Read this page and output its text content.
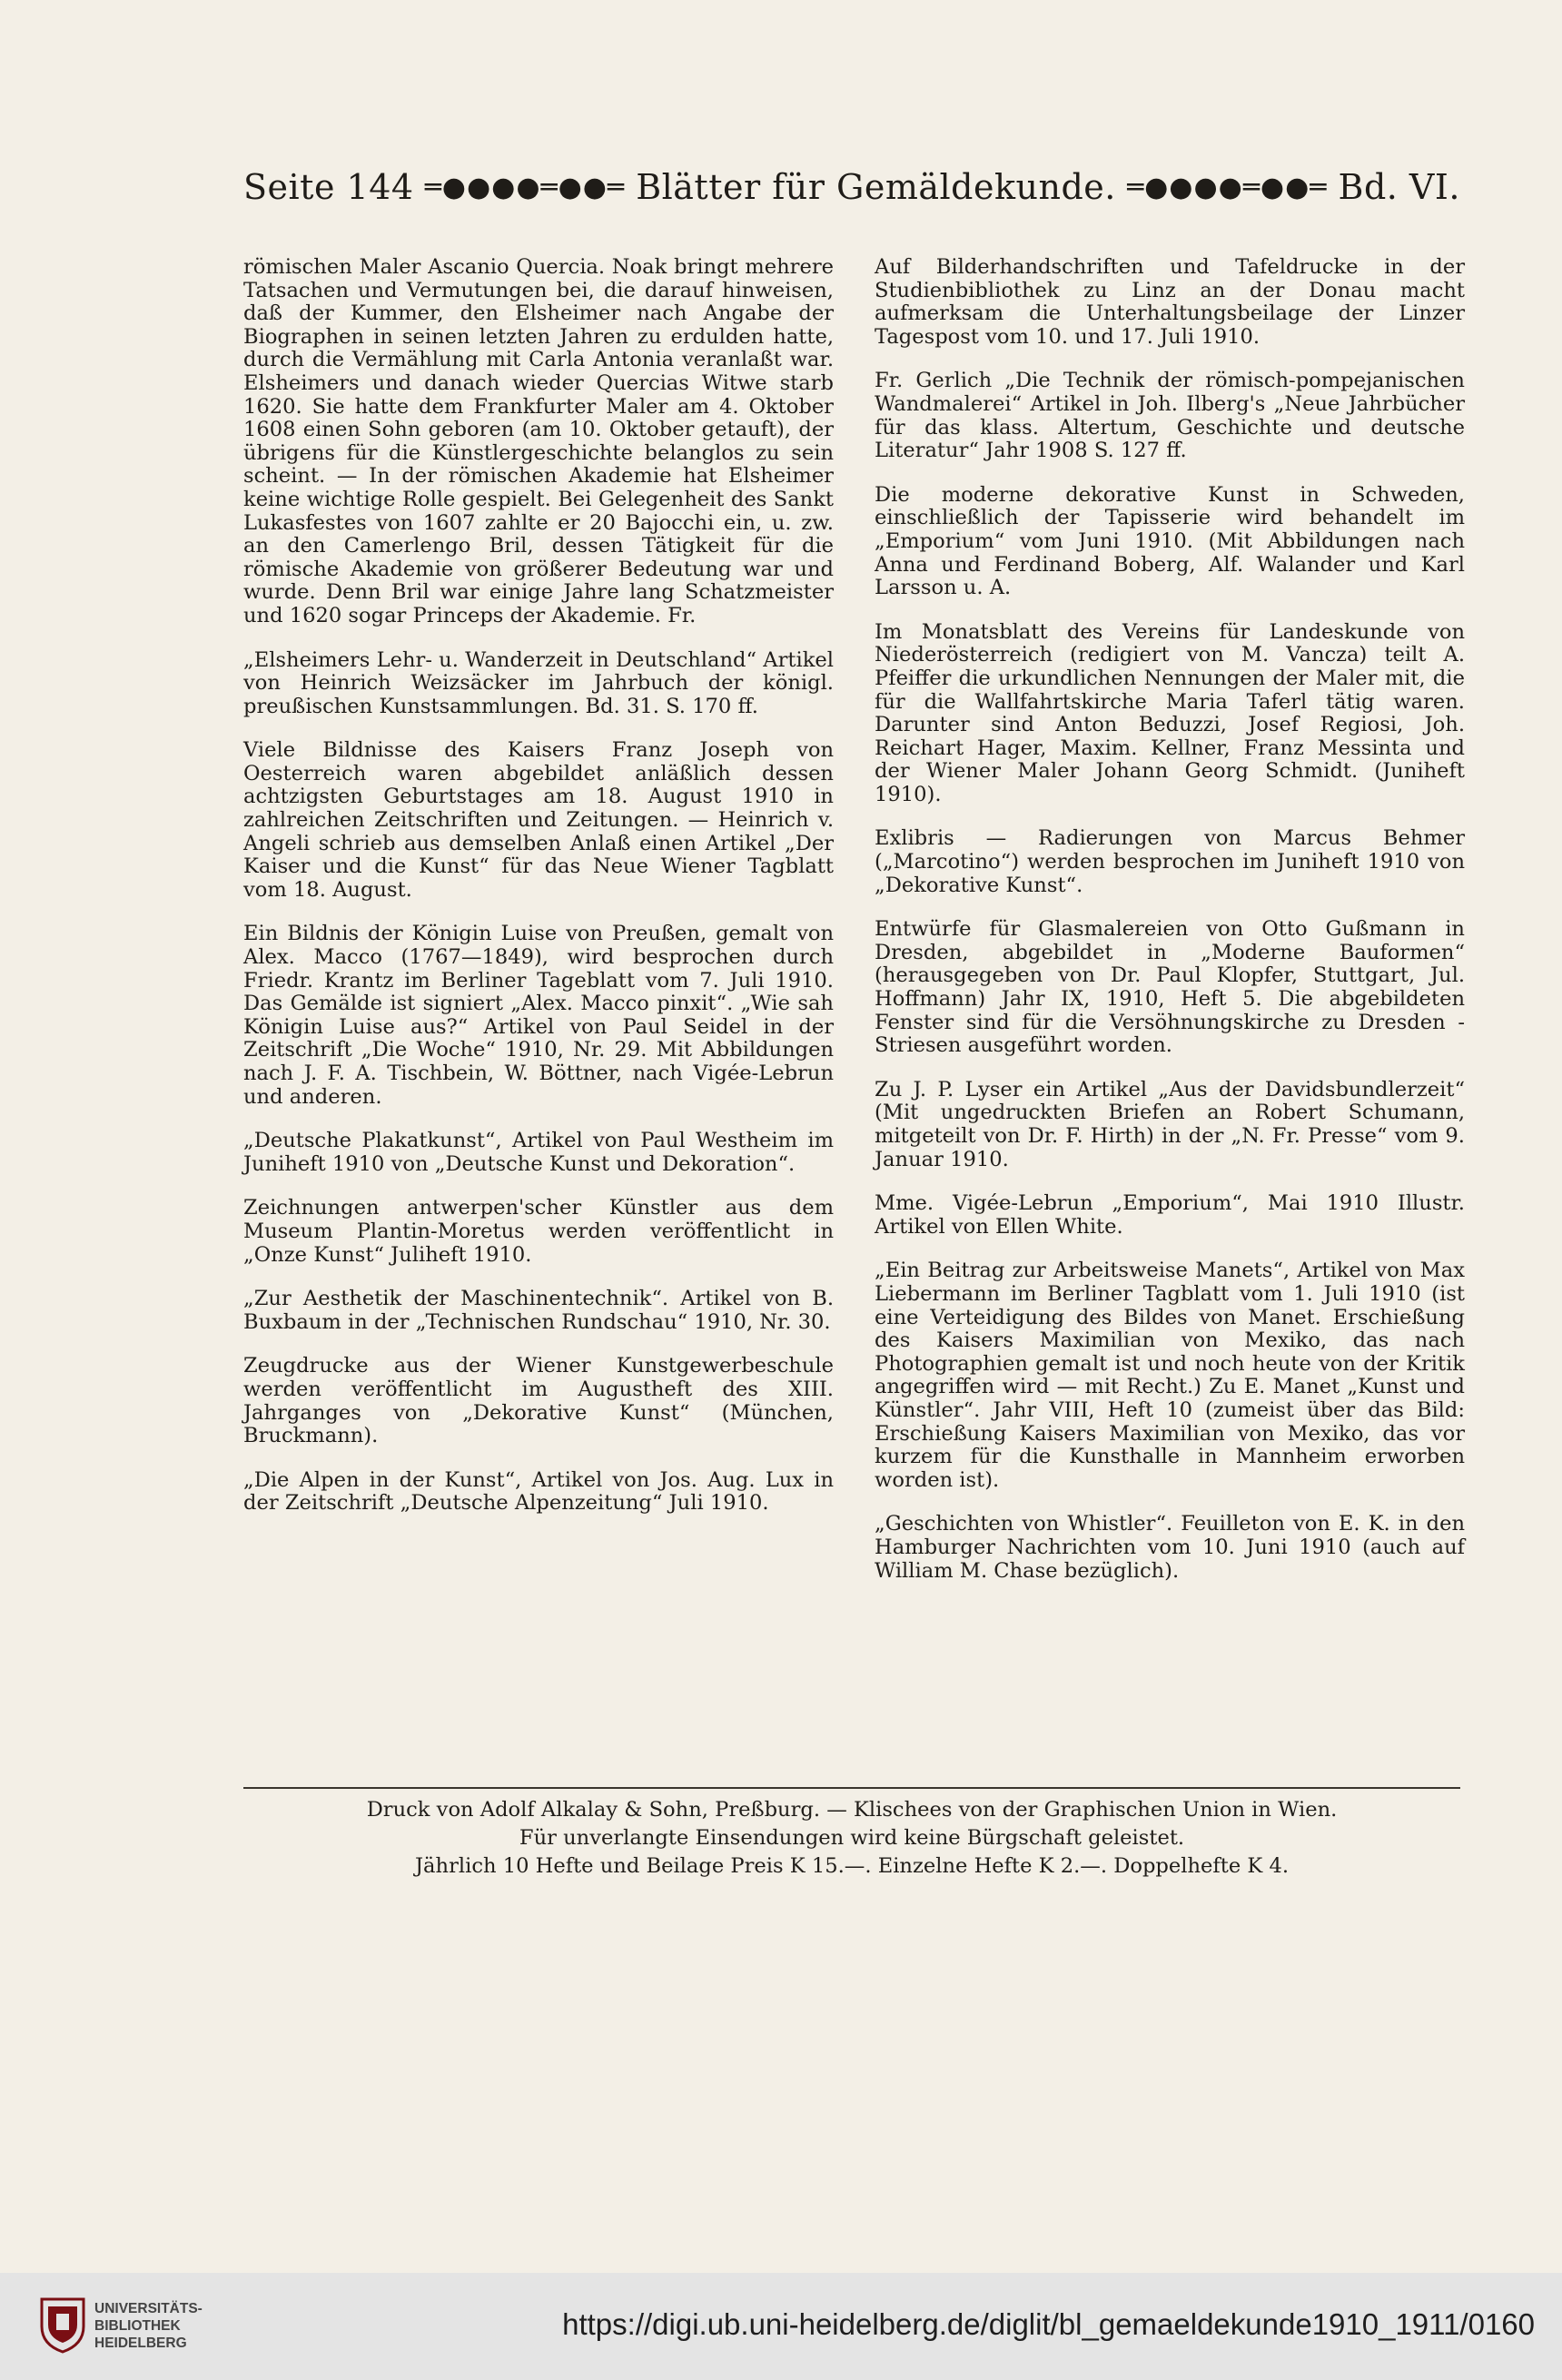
Seite 144 ═●●●●═●●═ Blätter für Gemäldekunde. ═●●●●═●●═ Bd. VI.

römischen Maler Ascanio Quercia. Noak bringt mehrere Tatsachen und Vermutungen bei, die darauf hinweisen, daß der Kummer, den Elsheimer nach Angabe der Biographen in seinen letzten Jahren zu erdulden hatte, durch die Vermählung mit Carla Antonia veranlaßt war. Elsheimers und danach wieder Quercias Witwe starb 1620. Sie hatte dem Frankfurter Maler am 4. Oktober 1608 einen Sohn geboren (am 10. Oktober getauft), der übrigens für die Künstlergeschichte belanglos zu sein scheint. — In der römischen Akademie hat Elsheimer keine wichtige Rolle gespielt. Bei Gelegenheit des Sankt Lukasfestes von 1607 zahlte er 20 Bajocchi ein, u. zw. an den Camerlengo Bril, dessen Tätigkeit für die römische Akademie von größerer Bedeutung war und wurde. Denn Bril war einige Jahre lang Schatzmeister und 1620 sogar Princeps der Akademie. Fr.

„Elsheimers Lehr- u. Wanderzeit in Deutschland“ Artikel von Heinrich Weizsäcker im Jahrbuch der königl. preußischen Kunstsammlungen. Bd. 31. S. 170 ff.

Viele Bildnisse des Kaisers Franz Joseph von Oesterreich waren abgebildet anläßlich dessen achtzigsten Geburtstages am 18. August 1910 in zahlreichen Zeitschriften und Zeitungen. — Heinrich v. Angeli schrieb aus demselben Anlaß einen Artikel „Der Kaiser und die Kunst“ für das Neue Wiener Tagblatt vom 18. August.

Ein Bildnis der Königin Luise von Preußen, gemalt von Alex. Macco (1767—1849), wird besprochen durch Friedr. Krantz im Berliner Tageblatt vom 7. Juli 1910. Das Gemälde ist signiert „Alex. Macco pinxit“. „Wie sah Königin Luise aus?“ Artikel von Paul Seidel in der Zeitschrift „Die Woche“ 1910, Nr. 29. Mit Abbildungen nach J. F. A. Tischbein, W. Böttner, nach Vigée-Lebrun und anderen.

„Deutsche Plakatkunst“, Artikel von Paul Westheim im Juniheft 1910 von „Deutsche Kunst und Dekoration“.

Zeichnungen antwerpen'scher Künstler aus dem Museum Plantin-Moretus werden veröffentlicht in „Onze Kunst“ Juliheft 1910.

„Zur Aesthetik der Maschinentechnik“. Artikel von B. Buxbaum in der „Technischen Rundschau“ 1910, Nr. 30.

Zeugdrucke aus der Wiener Kunstgewerbeschule werden veröffentlicht im Augustheft des XIII. Jahrganges von „Dekorative Kunst“ (München, Bruckmann).

„Die Alpen in der Kunst“, Artikel von Jos. Aug. Lux in der Zeitschrift „Deutsche Alpenzeitung“ Juli 1910.

Auf Bilderhandschriften und Tafeldrucke in der Studienbibliothek zu Linz an der Donau macht aufmerksam die Unterhaltungsbeilage der Linzer Tagespost vom 10. und 17. Juli 1910.

Fr. Gerlich „Die Technik der römisch-pompejanischen Wandmalerei“ Artikel in Joh. Ilberg's „Neue Jahrbücher für das klass. Altertum, Geschichte und deutsche Literatur“ Jahr 1908 S. 127 ff.

Die moderne dekorative Kunst in Schweden, einschließlich der Tapisserie wird behandelt im „Emporium“ vom Juni 1910. (Mit Abbildungen nach Anna und Ferdinand Boberg, Alf. Walander und Karl Larsson u. A.

Im Monatsblatt des Vereins für Landeskunde von Niederösterreich (redigiert von M. Vancza) teilt A. Pfeiffer die urkundlichen Nennungen der Maler mit, die für die Wallfahrtskirche Maria Taferl tätig waren. Darunter sind Anton Beduzzi, Josef Regiosi, Joh. Reichart Hager, Maxim. Kellner, Franz Messinta und der Wiener Maler Johann Georg Schmidt. (Juniheft 1910).

Exlibris — Radierungen von Marcus Behmer („Marcotino“) werden besprochen im Juniheft 1910 von „Dekorative Kunst“.

Entwürfe für Glasmalereien von Otto Gußmann in Dresden, abgebildet in „Moderne Bauformen“ (herausgegeben von Dr. Paul Klopfer, Stuttgart, Jul. Hoffmann) Jahr IX, 1910, Heft 5. Die abgebildeten Fenster sind für die Versöhnungskirche zu Dresden - Striesen ausgeführt worden.

Zu J. P. Lyser ein Artikel „Aus der Davidsbundlerzeit“ (Mit ungedruckten Briefen an Robert Schumann, mitgeteilt von Dr. F. Hirth) in der „N. Fr. Presse“ vom 9. Januar 1910.

Mme. Vigée-Lebrun „Emporium“, Mai 1910 Illustr. Artikel von Ellen White.

„Ein Beitrag zur Arbeitsweise Manets“, Artikel von Max Liebermann im Berliner Tagblatt vom 1. Juli 1910 (ist eine Verteidigung des Bildes von Manet. Erschießung des Kaisers Maximilian von Mexiko, das nach Photographien gemalt ist und noch heute von der Kritik angegriffen wird — mit Recht.) Zu E. Manet „Kunst und Künstler“. Jahr VIII, Heft 10 (zumeist über das Bild: Erschießung Kaisers Maximilian von Mexiko, das vor kurzem für die Kunsthalle in Mannheim erworben worden ist).

„Geschichten von Whistler“. Feuilleton von E. K. in den Hamburger Nachrichten vom 10. Juni 1910 (auch auf William M. Chase bezüglich).

Druck von Adolf Alkalay & Sohn, Preßburg. — Klischees von der Graphischen Union in Wien.
Für unverlangte Einsendungen wird keine Bürgschaft geleistet.
Jährlich 10 Hefte und Beilage Preis K 15.—. Einzelne Hefte K 2.—. Doppelhefte K 4.
UNIVERSITÄTS-
BIBLIOTHEK
HEIDELBERG
https://digi.ub.uni-heidelberg.de/diglit/bl_gemaeldekunde1910_1911/0160
